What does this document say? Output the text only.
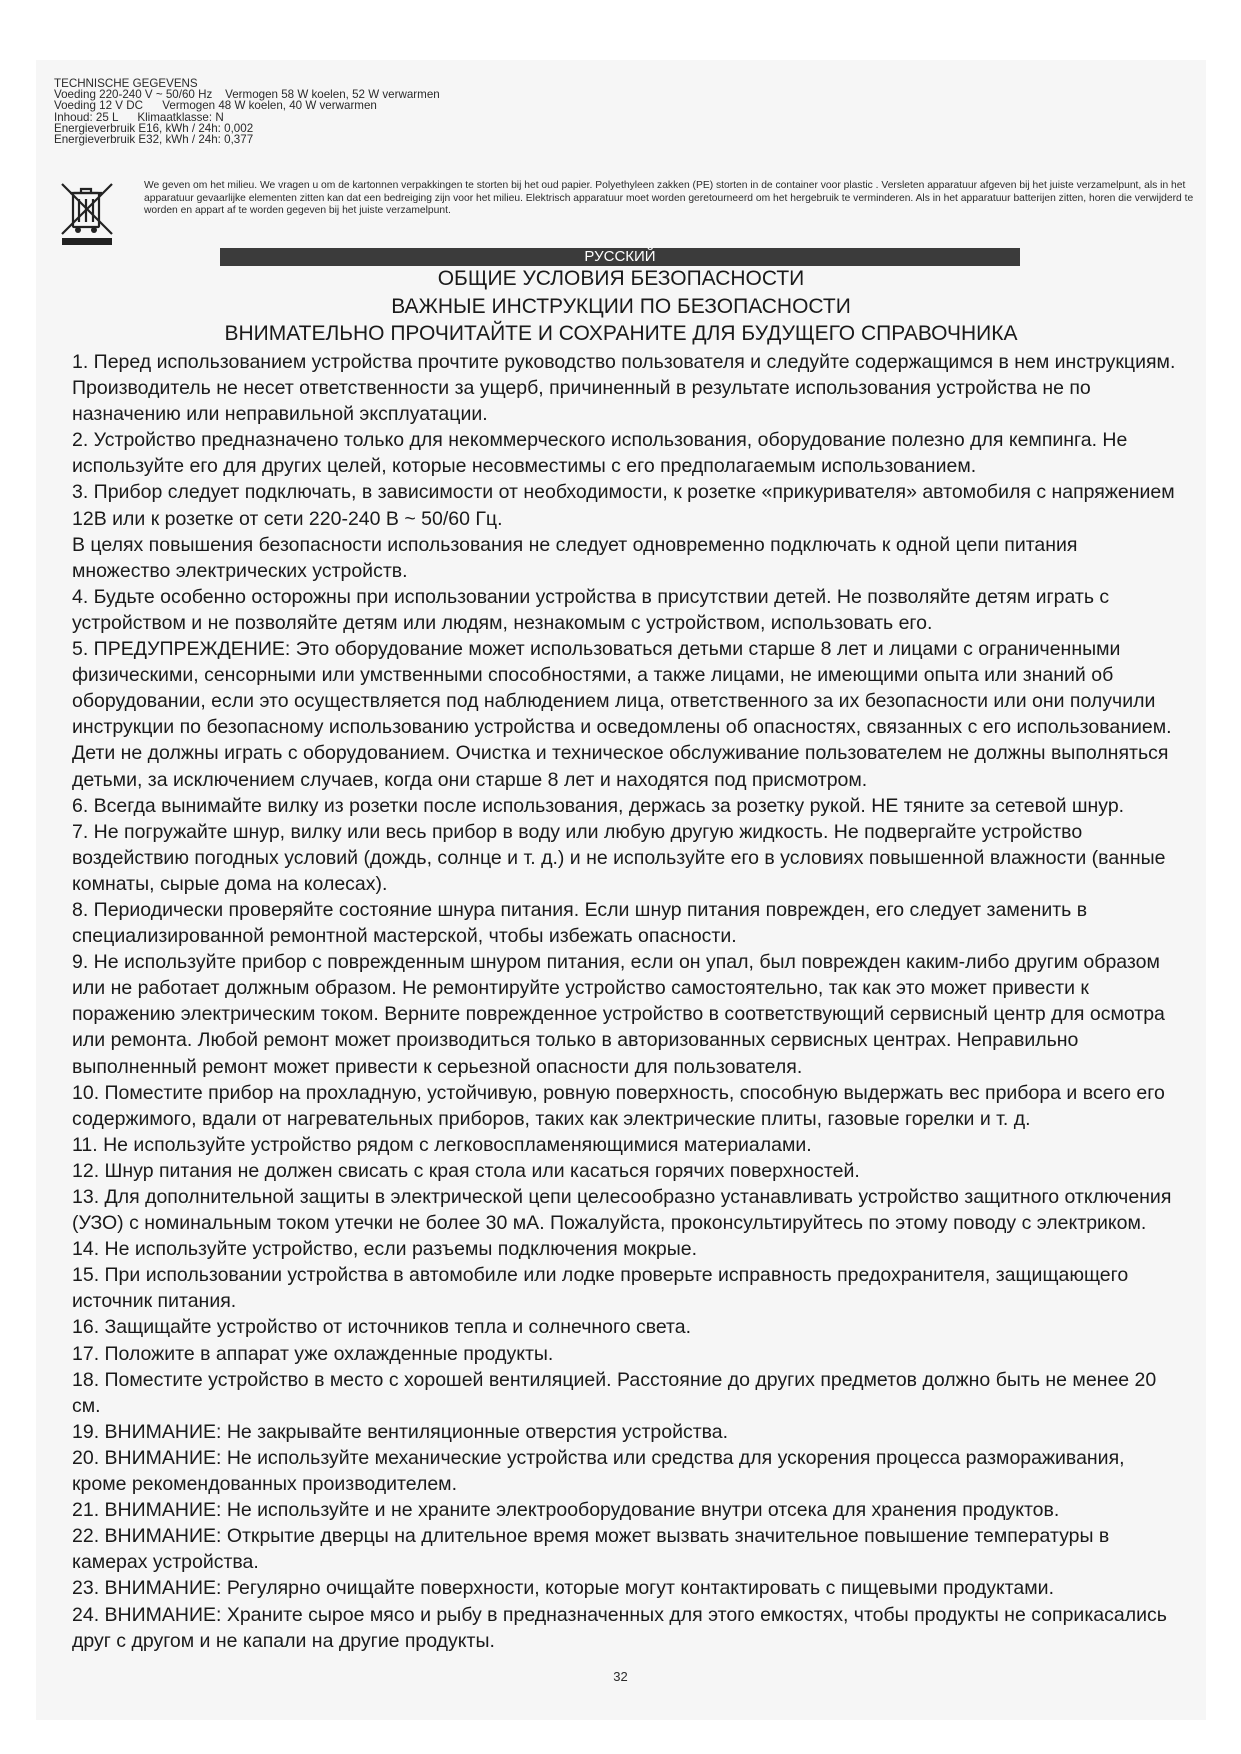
TECHNISCHE GEGEVENS
Voeding 220-240 V ~ 50/60 Hz    Vermogen 58 W koelen, 52 W verwarmen
Voeding 12 V DC      Vermogen 48 W koelen, 40 W verwarmen
Inhoud: 25 L      Klimaatklasse: N
Energieverbruik E16, kWh / 24h: 0,002
Energieverbruik E32, kWh / 24h: 0,377
We geven om het milieu. We vragen u om de kartonnen verpakkingen te storten bij het oud papier. Polyethyleen zakken (PE) storten in de container voor plastic . Versleten apparatuur afgeven bij het juiste verzamelpunt, als in het apparatuur gevaarlijke elementen zitten kan dat een bedreiging zijn voor het milieu. Elektrisch apparatuur moet worden geretourneerd om het hergebruik te verminderen. Als in het apparatuur batterijen zitten, horen die verwijderd te worden en appart af te worden gegeven bij het juiste verzamelpunt.
РУССКИЙ
ОБЩИЕ УСЛОВИЯ БЕЗОПАСНОСТИ
ВАЖНЫЕ ИНСТРУКЦИИ ПО БЕЗОПАСНОСТИ
ВНИМАТЕЛЬНО ПРОЧИТАЙТЕ И СОХРАНИТЕ ДЛЯ БУДУЩЕГО СПРАВОЧНИКА

1. Перед использованием устройства прочтите руководство пользователя и следуйте содержащимся в нем инструкциям. Производитель не несет ответственности за ущерб, причиненный в результате использования устройства не по назначению или неправильной эксплуатации.

2. Устройство предназначено только для некоммерческого использования, оборудование полезно для кемпинга. Не используйте его для других целей, которые несовместимы с его предполагаемым использованием.

3. Прибор следует подключать, в зависимости от необходимости, к розетке «прикуривателя» автомобиля с напряжением 12В или к розетке от сети 220-240 В ~ 50/60 Гц.

В целях повышения безопасности использования не следует одновременно подключать к одной цепи питания множество электрических устройств.

4. Будьте особенно осторожны при использовании устройства в присутствии детей. Не позволяйте детям играть с устройством и не позволяйте детям или людям, незнакомым с устройством, использовать его.

5. ПРЕДУПРЕЖДЕНИЕ: Это оборудование может использоваться детьми старше 8 лет и лицами с ограниченными физическими, сенсорными или умственными способностями, а также лицами, не имеющими опыта или знаний об оборудовании, если это осуществляется под наблюдением лица, ответственного за их безопасности или они получили инструкции по безопасному использованию устройства и осведомлены об опасностях, связанных с его использованием. Дети не должны играть с оборудованием. Очистка и техническое обслуживание пользователем не должны выполняться детьми, за исключением случаев, когда они старше 8 лет и находятся под присмотром.

6. Всегда вынимайте вилку из розетки после использования, держась за розетку рукой. НЕ тяните за сетевой шнур.

7. Не погружайте шнур, вилку или весь прибор в воду или любую другую жидкость. Не подвергайте устройство воздействию погодных условий (дождь, солнце и т. д.) и не используйте его в условиях повышенной влажности (ванные комнаты, сырые дома на колесах).

8. Периодически проверяйте состояние шнура питания. Если шнур питания поврежден, его следует заменить в специализированной ремонтной мастерской, чтобы избежать опасности.

9. Не используйте прибор с поврежденным шнуром питания, если он упал, был поврежден каким-либо другим образом или не работает должным образом. Не ремонтируйте устройство самостоятельно, так как это может привести к поражению электрическим током. Верните поврежденное устройство в соответствующий сервисный центр для осмотра или ремонта. Любой ремонт может производиться только в авторизованных сервисных центрах. Неправильно выполненный ремонт может привести к серьезной опасности для пользователя.

10. Поместите прибор на прохладную, устойчивую, ровную поверхность, способную выдержать вес прибора и всего его содержимого, вдали от нагревательных приборов, таких как электрические плиты, газовые горелки и т. д.

11. Не используйте устройство рядом с легковоспламеняющимися материалами.

12. Шнур питания не должен свисать с края стола или касаться горячих поверхностей.

13. Для дополнительной защиты в электрической цепи целесообразно устанавливать устройство защитного отключения (УЗО) с номинальным током утечки не более 30 мА. Пожалуйста, проконсультируйтесь по этому поводу с электриком.

14. Не используйте устройство, если разъемы подключения мокрые.

15. При использовании устройства в автомобиле или лодке проверьте исправность предохранителя, защищающего источник питания.

16. Защищайте устройство от источников тепла и солнечного света.

17. Положите в аппарат уже охлажденные продукты.

18. Поместите устройство в место с хорошей вентиляцией. Расстояние до других предметов должно быть не менее 20 см.

19. ВНИМАНИЕ: Не закрывайте вентиляционные отверстия устройства.

20. ВНИМАНИЕ: Не используйте механические устройства или средства для ускорения процесса размораживания, кроме рекомендованных производителем.

21. ВНИМАНИЕ: Не используйте и не храните электрооборудование внутри отсека для хранения продуктов.

22. ВНИМАНИЕ: Открытие дверцы на длительное время может вызвать значительное повышение температуры в камерах устройства.

23. ВНИМАНИЕ: Регулярно очищайте поверхности, которые могут контактировать с пищевыми продуктами.

24. ВНИМАНИЕ: Храните сырое мясо и рыбу в предназначенных для этого емкостях, чтобы продукты не соприкасались друг с другом и не капали на другие продукты.

32
